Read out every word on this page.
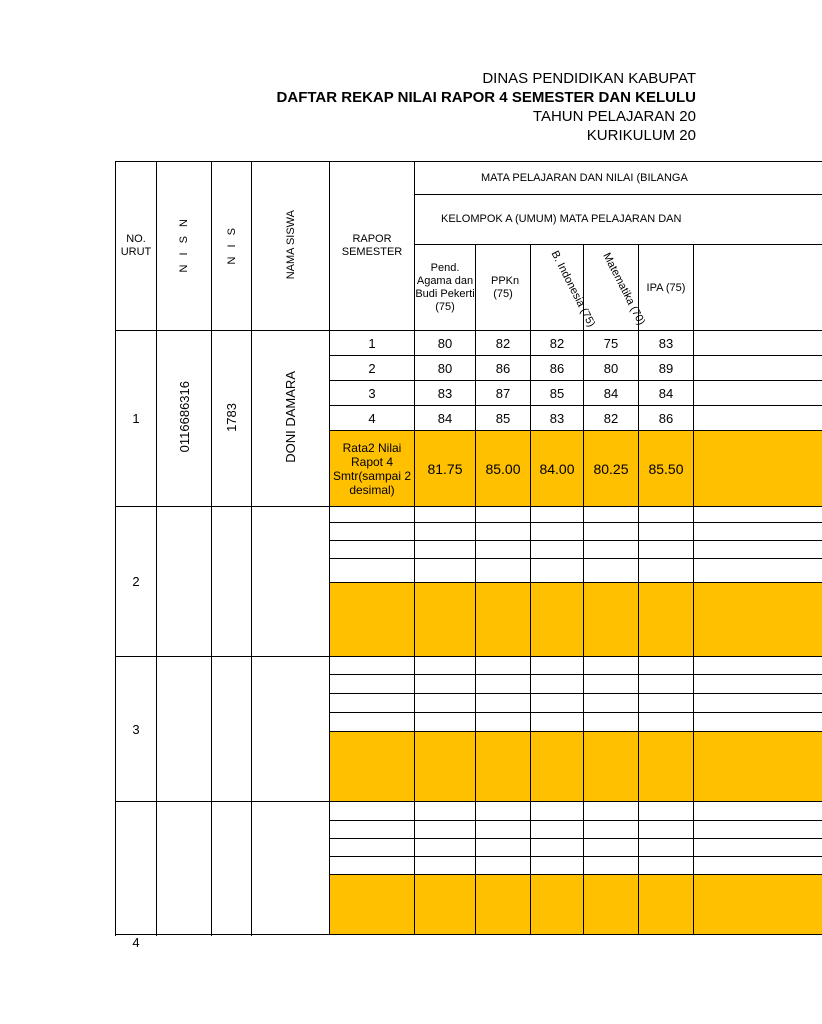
DINAS PENDIDIKAN KABUPAT
DAFTAR REKAP NILAI RAPOR 4 SEMESTER DAN KELULU
TAHUN PELAJARAN 20
KURIKULUM 20
NO. URUT	N I S N	N I S	NAMA SISWA	RAPOR SEMESTER	MATA PELAJARAN DAN NILAI (BILANGA					
					KELOMPOK A (UMUM) MATA PELAJARAN DAN					

					Pend. Agama dan Budi Pekerti (75)	PPKn (75)	B. Indonesia (75)	Matematika (70)	IPA (75)	
1	0116686316	1783	DONI DAMARA	1	80	82	82	75	83	
				2	80	86	86	80	89	
				3	83	87	85	84	84	
				4	84	85	83	82	86	
				Rata2 Nilai Rapot 4 Smtr(sampai 2 desimal)	81.75	85.00	84.00	80.25	85.50	
2										

3										

4										
